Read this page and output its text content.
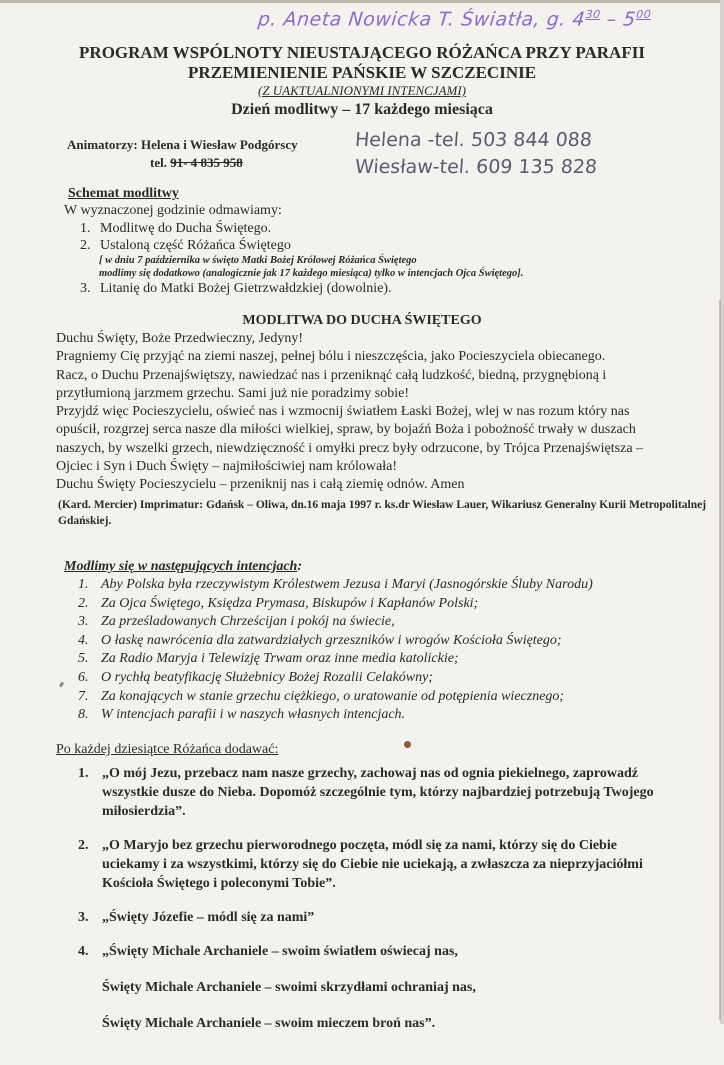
p. Aneta Nowicka T. Światła, g. $4^{30} - 5^{00}$
PROGRAM WSPÓLNOTY NIEUSTAJĄCEGO RÓŻAŃCA PRZY PARAFII
PRZEMIENIENIE PAŃSKIE W SZCZECINIE
(Z UAKTUALNIONYMI INTENCJAMI)
Dzień modlitwy – 17 każdego miesiąca
Animatorzy: Helena i Wiesław Podgórscy
tel. 91- 4 835 958
Helena -tel. 503 844 088
Wiesław-tel. 609 135 828
Schemat modlitwy
W wyznaczonej godzinie odmawiamy:
1. Modlitwę do Ducha Świętego.
2. Ustaloną część Różańca Świętego
[ w dniu 7 października w święto Matki Bożej Królowej Różańca Świętego
modlimy się dodatkowo (analogicznie jak 17 każdego miesiąca) tylko w intencjach Ojca Świętego].
3. Litanię do Matki Bożej Gietrzwałdzkiej (dowolnie).
MODLITWA DO DUCHA ŚWIĘTEGO

Duchu Święty, Boże Przedwieczny, Jedyny!

Pragniemy Cię przyjąć na ziemi naszej, pełnej bólu i nieszczęścia, jako Pocieszyciela obiecanego.

Racz, o Duchu Przenajświętszy, nawiedzać nas i przeniknąć całą ludzkość, biedną, przygnębioną i

przytłumioną jarzmem grzechu. Sami już nie poradzimy sobie!

Przyjdź więc Pocieszycielu, oświeć nas i wzmocnij światłem Łaski Bożej, wlej w nas rozum który nas

opuścił, rozgrzej serca nasze dla miłości wielkiej, spraw, by bojaźń Boża i pobożność trwały w duszach

naszych, by wszelki grzech, niewdzięczność i omyłki precz były odrzucone, by Trójca Przenajświętsza –

Ojciec i Syn i Duch Święty – najmiłościwiej nam królowała!

Duchu Święty Pocieszycielu – przeniknij nas i całą ziemię odnów. Amen

(Kard. Mercier) Imprimatur: Gdańsk – Oliwa, dn.16 maja 1997 r. ks.dr Wiesław Lauer, Wikariusz Generalny Kurii Metropolitalnej Gdańskiej.
Modlimy się w następujących intencjach:
1. Aby Polska była rzeczywistym Królestwem Jezusa i Maryi (Jasnogórskie Śluby Narodu)
2. Za Ojca Świętego, Księdza Prymasa, Biskupów i Kapłanów Polski;
3. Za prześladowanych Chrześcijan i pokój na świecie,
4. O łaskę nawrócenia dla zatwardziałych grzeszników i wrogów Kościoła Świętego;
5. Za Radio Maryja i Telewizję Trwam oraz inne media katolickie;
6. O rychłą beatyfikację Służebnicy Bożej Rozalii Celakówny;
7. Za konających w stanie grzechu ciężkiego, o uratowanie od potępienia wiecznego;
8. W intencjach parafii i w naszych własnych intencjach.
Po każdej dziesiątce Różańca dodawać:
1. „O mój Jezu, przebacz nam nasze grzechy, zachowaj nas od ognia piekielnego, zaprowadź
wszystkie dusze do Nieba. Dopomóż szczególnie tym, którzy najbardziej potrzebują Twojego
miłosierdzia”.
2. „O Maryjo bez grzechu pierworodnego poczęta, módl się za nami, którzy się do Ciebie
uciekamy i za wszystkimi, którzy się do Ciebie nie uciekają, a zwłaszcza za nieprzyjaciółmi
Kościoła Świętego i poleconymi Tobie”.
3. „Święty Józefie – módl się za nami”
4. „Święty Michale Archaniele – swoim światłem oświecaj nas,
Święty Michale Archaniele – swoimi skrzydłami ochraniaj nas,
Święty Michale Archaniele – swoim mieczem broń nas”.
